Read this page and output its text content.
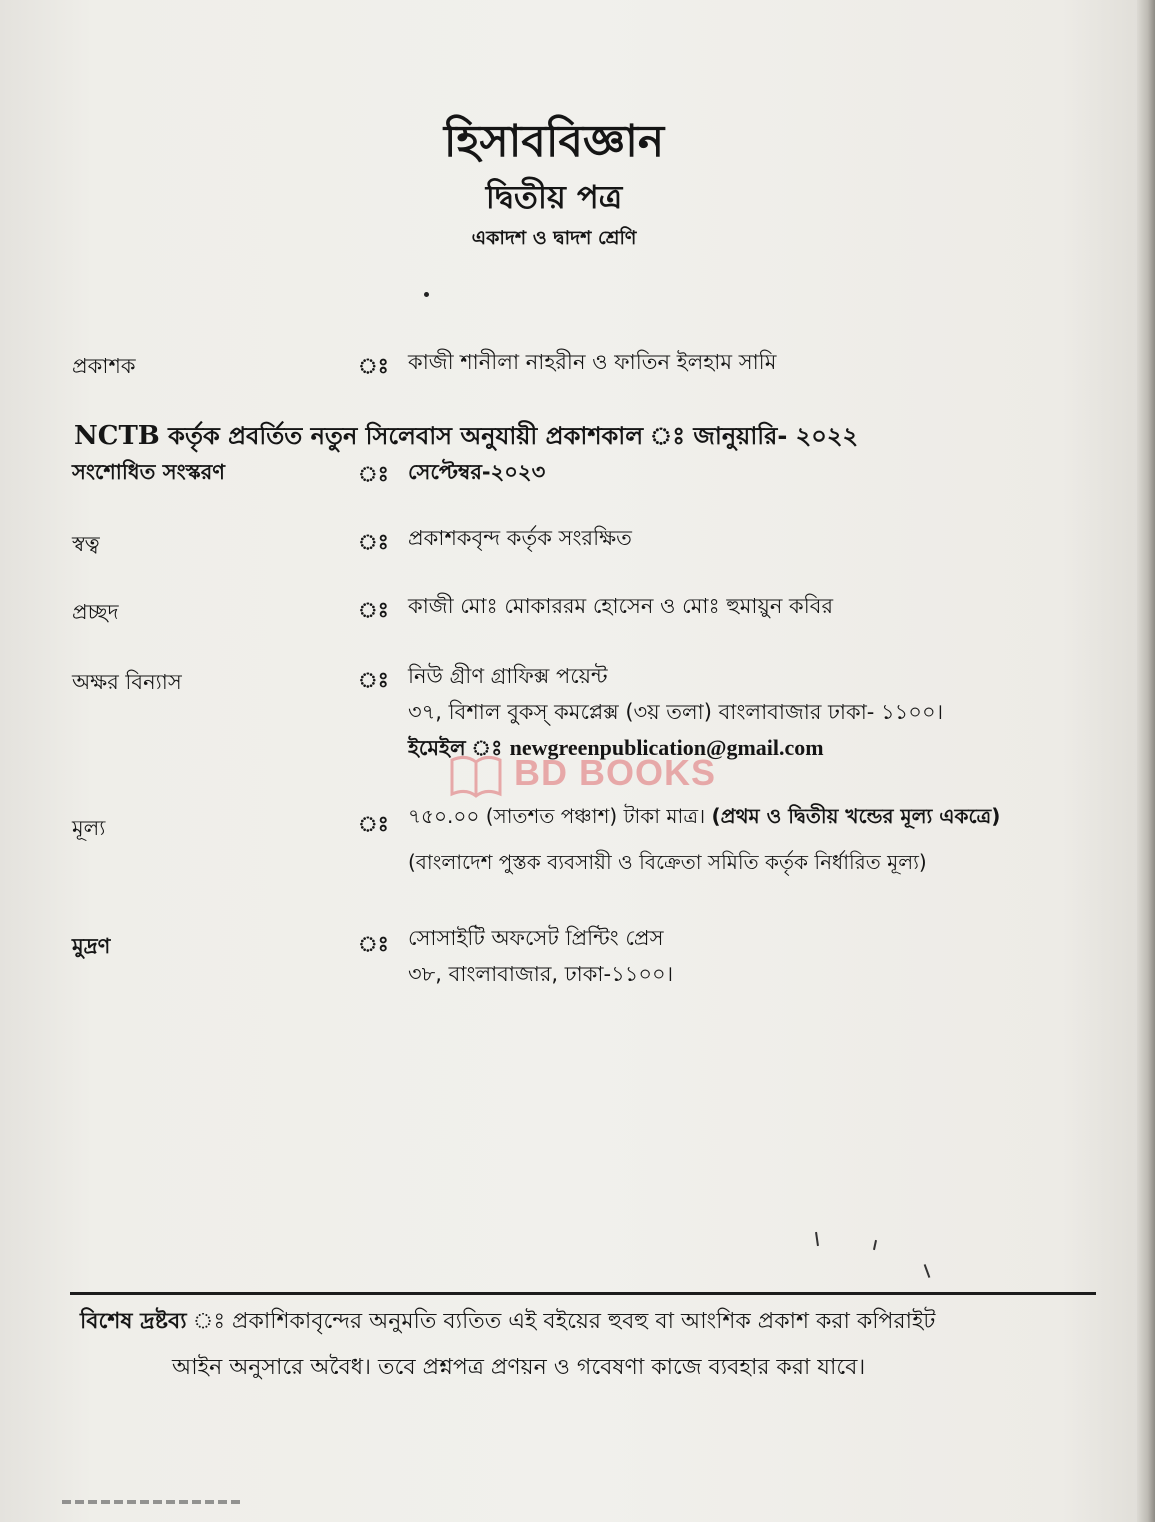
হিসাববিজ্ঞান
দ্বিতীয় পত্র
একাদশ ও দ্বাদশ শ্রেণি
প্রকাশক	ঃ কাজী শানীলা নাহরীন ও ফাতিন ইলহাম সামি
NCTB কর্তৃক প্রবর্তিত নতুন সিলেবাস অনুযায়ী প্রকাশকাল ঃ জানুয়ারি- ২০২২
সংশোধিত সংস্করণ	ঃ সেপ্টেম্বর-২০২৩
স্বত্ব	ঃ প্রকাশকবৃন্দ কর্তৃক সংরক্ষিত
প্রচ্ছদ	ঃ কাজী মোঃ মোকাররম হোসেন ও মোঃ হুমায়ুন কবির
অক্ষর বিন্যাস	ঃ নিউ গ্রীণ গ্রাফিক্স পয়েন্ট
৩৭, বিশাল বুকস্ কমপ্লেক্স (৩য় তলা) বাংলাবাজার ঢাকা- ১১০০।
ইমেইল ঃ newgreenpublication@gmail.com
BD BOOKS
মূল্য	ঃ ৭৫০.০০ (সাতশত পঞ্চাশ) টাকা মাত্র। (প্রথম ও দ্বিতীয় খন্ডের মূল্য একত্রে)
(বাংলাদেশ পুস্তক ব্যবসায়ী ও বিক্রেতা সমিতি কর্তৃক নির্ধারিত মূল্য)
মুদ্রণ	ঃ সোসাইটি অফসেট প্রিন্টিং প্রেস
৩৮, বাংলাবাজার, ঢাকা-১১০০।
বিশেষ দ্রষ্টব্য ঃ প্রকাশিকাবৃন্দের অনুমতি ব্যতিত এই বইয়ের হুবহু বা আংশিক প্রকাশ করা কপিরাইট
আইন অনুসারে অবৈধ। তবে প্রশ্নপত্র প্রণয়ন ও গবেষণা কাজে ব্যবহার করা যাবে।
